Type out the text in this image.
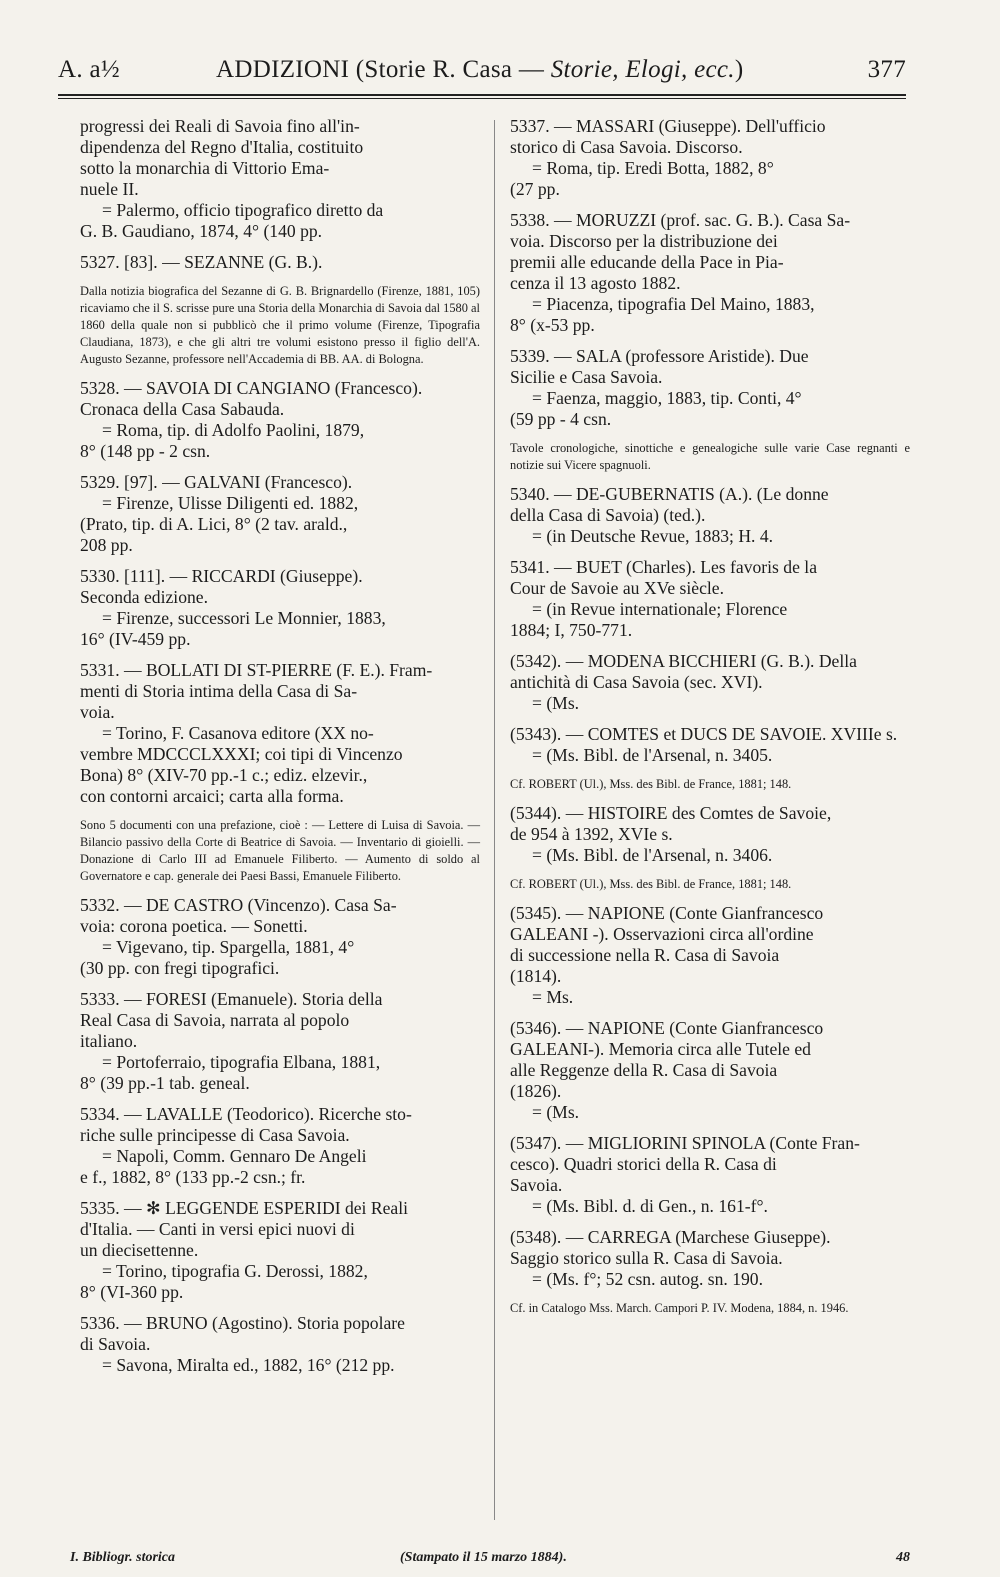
A. a½	ADDIZIONI (Storie R. Casa — Storie, Elogi, ecc.)	377
progressi dei Reali di Savoia fino all'in-
dipendenza del Regno d'Italia, costituito
sotto la monarchia di Vittorio Ema-
nuele II.
= Palermo, officio tipografico diretto da
G. B. Gaudiano, 1874, 4° (140 pp.
5327. [83]. — SEZANNE (G. B.).
Dalla notizia biografica del Sezanne di G. B. Brignardello (Firenze, 1881, 105) ricaviamo che il S. scrisse pure una Storia della Monarchia di Savoia dal 1580 al 1860 della quale non si pubblicò che il primo volume (Firenze, Tipografia Claudiana, 1873), e che gli altri tre volumi esistono presso il figlio dell'A. Augusto Sezanne, professore nell'Accademia di BB. AA. di Bologna.
5328. — SAVOIA DI CANGIANO (Francesco).
Cronaca della Casa Sabauda.
= Roma, tip. di Adolfo Paolini, 1879,
8° (148 pp - 2 csn.
5329. [97]. — GALVANI (Francesco).
= Firenze, Ulisse Diligenti ed. 1882,
(Prato, tip. di A. Lici, 8° (2 tav. arald.,
208 pp.
5330. [111]. — RICCARDI (Giuseppe).
Seconda edizione.
= Firenze, successori Le Monnier, 1883,
16° (IV-459 pp.
5331. — BOLLATI DI ST-PIERRE (F. E.). Fram-
menti di Storia intima della Casa di Sa-
voia.
= Torino, F. Casanova editore (XX no-
vembre MDCCCLXXXI; coi tipi di Vincenzo
Bona) 8° (XIV-70 pp.-1 c.; ediz. elzevir.,
con contorni arcaici; carta alla forma.
Sono 5 documenti con una prefazione, cioè : — Lettere di Luisa di Savoia. — Bilancio passivo della Corte di Beatrice di Savoia. — Inventario di gioielli. — Donazione di Carlo III ad Emanuele Filiberto. — Aumento di soldo al Governatore e cap. generale dei Paesi Bassi, Emanuele Filiberto.
5332. — DE CASTRO (Vincenzo). Casa Sa-
voia: corona poetica. — Sonetti.
= Vigevano, tip. Spargella, 1881, 4°
(30 pp. con fregi tipografici.
5333. — FORESI (Emanuele). Storia della
Real Casa di Savoia, narrata al popolo
italiano.
= Portoferraio, tipografia Elbana, 1881,
8° (39 pp.-1 tab. geneal.
5334. — LAVALLE (Teodorico). Ricerche sto-
riche sulle principesse di Casa Savoia.
= Napoli, Comm. Gennaro De Angeli
e f., 1882, 8° (133 pp.-2 csn.; fr.
5335. — ✻ LEGGENDE ESPERIDI dei Reali
d'Italia. — Canti in versi epici nuovi di
un diecisettenne.
= Torino, tipografia G. Derossi, 1882,
8° (VI-360 pp.
5336. — BRUNO (Agostino). Storia popolare
di Savoia.
= Savona, Miralta ed., 1882, 16° (212 pp.
5337. — MASSARI (Giuseppe). Dell'ufficio
storico di Casa Savoia. Discorso.
= Roma, tip. Eredi Botta, 1882, 8°
(27 pp.
5338. — MORUZZI (prof. sac. G. B.). Casa Sa-
voia. Discorso per la distribuzione dei
premii alle educande della Pace in Pia-
cenza il 13 agosto 1882.
= Piacenza, tipografia Del Maino, 1883,
8° (x-53 pp.
5339. — SALA (professore Aristide). Due
Sicilie e Casa Savoia.
= Faenza, maggio, 1883, tip. Conti, 4°
(59 pp - 4 csn.
Tavole cronologiche, sinottiche e genealogiche sulle varie Case regnanti e notizie sui Vicere spagnuoli.
5340. — DE-GUBERNATIS (A.). (Le donne
della Casa di Savoia) (ted.).
= (in Deutsche Revue, 1883; H. 4.
5341. — BUET (Charles). Les favoris de la
Cour de Savoie au XVe siècle.
= (in Revue internationale; Florence
1884; I, 750-771.
(5342). — MODENA BICCHIERI (G. B.). Della
antichità di Casa Savoia (sec. XVI).
= (Ms.
(5343). — COMTES et DUCS DE SAVOIE. XVIIIe s.
= (Ms. Bibl. de l'Arsenal, n. 3405.
Cf. ROBERT (Ul.), Mss. des Bibl. de France, 1881; 148.
(5344). — HISTOIRE des Comtes de Savoie,
de 954 à 1392, XVIe s.
= (Ms. Bibl. de l'Arsenal, n. 3406.
Cf. ROBERT (Ul.), Mss. des Bibl. de France, 1881; 148.
(5345). — NAPIONE (Conte Gianfrancesco
GALEANI -). Osservazioni circa all'ordine
di successione nella R. Casa di Savoia
(1814).
= Ms.
(5346). — NAPIONE (Conte Gianfrancesco
GALEANI-). Memoria circa alle Tutele ed
alle Reggenze della R. Casa di Savoia
(1826).
= (Ms.
(5347). — MIGLIORINI SPINOLA (Conte Fran-
cesco). Quadri storici della R. Casa di
Savoia.
= (Ms. Bibl. d. di Gen., n. 161-f°.
(5348). — CARREGA (Marchese Giuseppe).
Saggio storico sulla R. Casa di Savoia.
= (Ms. f°; 52 csn. autog. sn. 190.
Cf. in Catalogo Mss. March. Campori P. IV. Modena, 1884, n. 1946.
I. Bibliogr. storica	(Stampato il 15 marzo 1884).	48
